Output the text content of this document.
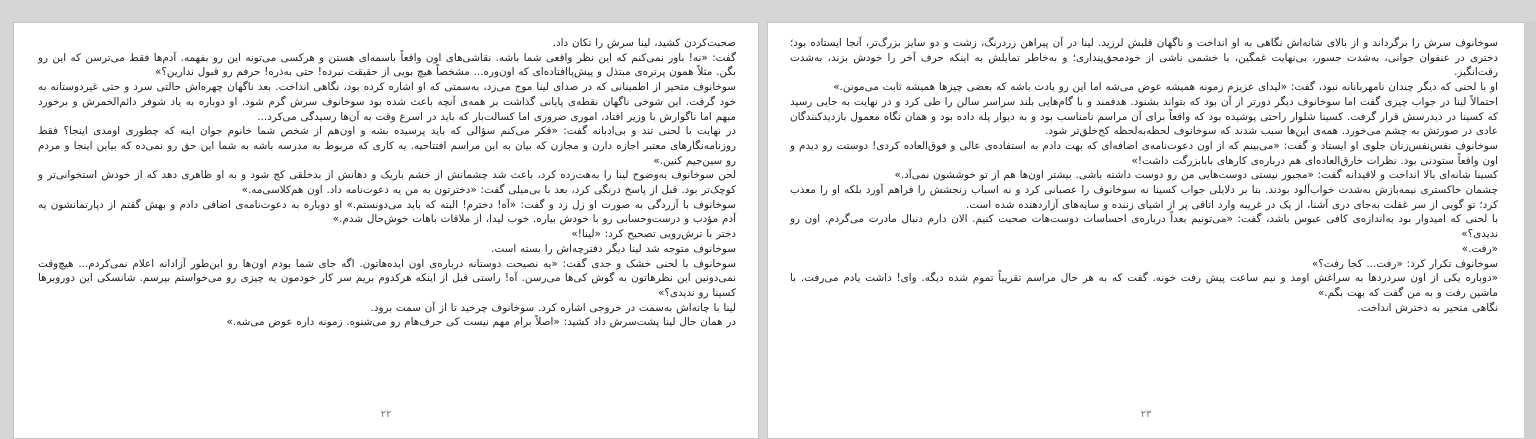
صحبت‌کردن کشید، لینا سرش را تکان داد.

گفت: «نه! باور نمی‌کنم که این نظر واقعی شما باشه. نقاشی‌های اون واقعاً باسمه‌ای هستن و هرکسی می‌تونه این رو بفهمه. آدم‌ها فقط می‌ترسن که این رو بگن. مثلاً همون پرتره‌ی مبتذل و پیش‌پاافتاده‌ای که اون‌وره... مشخصاً هیچ بویی از حقیقت نبرده! حتی به‌ذره! حرفم رو قبول ندارین؟»

سوخانوف متحیر از اطمینانی که در صدای لینا موج می‌زد، به‌سمتی که او اشاره کرده بود، نگاهی انداخت. بعد ناگهان چهره‌اش حالتی سرد و حتی غیردوستانه به خود گرفت. این شوخی ناگهان نقطه‌ی پایانی گذاشت بر همه‌ی آنچه باعث شده بود سوخانوف سرش گرم شود. او دوباره به یاد شوفر دائم‌الخمرش و برخورد مبهم اما ناگوارش با وزیر افتاد، اموری ضروری اما کسالت‌بار که باید در اسرع وقت به آن‌ها رسیدگی می‌کرد...

در نهایت با لحنی تند و بی‌ادبانه گفت: «فکر می‌کنم سؤالی که باید پرسیده بشه و اون‌هم از شخص شما خانوم جوان اینه که چطوری اومدی اینجا؟ فقط روزنامه‌نگارهای معتبر اجازه دارن و مجازن که بیان به این مراسم افتتاحیه. یه کاری که مربوط به مدرسه باشه به شما این حق رو نمی‌ده که بیاین اینجا و مردم رو سین‌جیم کنین.»

لحن سوخانوف به‌وضوح لینا را به‌هت‌زده کرد، باعث شد چشمانش از خشم باریک و دهانش از بدخلقی کج شود و به او ظاهری دهد که از خودش استخوانی‌تر و کوچک‌تر بود. قبل از پاسخ درنگی کرد، بعد با بی‌میلی گفت: «دخترتون به من یه دعوت‌نامه داد. اون هم‌کلاسی‌مه.»

سوخانوف با آزردگی به صورت او زل زد و گفت: «آه! دخترم! البته که باید می‌دونستم.» او دوباره به دعوت‌نامه‌ی اضافی دادم و بهش گفتم از دپارتمانشون یه آدم مؤدب و درست‌وحسابی رو با خودش بیاره. خوب لیدا، از ملاقات باهات خوش‌حال شدم.»

دختر با ترش‌رویی تصحیح کرد: «لینا!»

سوخانوف متوجه شد لینا دیگر دفترچه‌اش را بسته است.

سوخانوف با لحنی خشک و جدی گفت: «یه نصیحت دوستانه درباره‌ی اون ایده‌هاتون. اگه جای شما بودم اون‌ها رو این‌طور آزادانه اعلام نمی‌کردم... هیچ‌وقت نمی‌دونین این نظرهاتون به گوش کی‌ها می‌رسن. آه! راستی قبل از اینکه هرکدوم بریم سر کار خودمون یه چیزی رو می‌خواستم بپرسم. شانسکی این دوروبرها کسینا رو ندیدی؟»

لینا با چانه‌اش به‌سمت در خروجی اشاره کرد. سوخانوف چرخید تا از آن سمت برود.

در همان حال لینا پشت‌سرش داد کشید: «اصلاً برام مهم نیست کی حرف‌هام رو می‌شنوه. زمونه داره عوض می‌شه.»

۲۲

سوخانوف سرش را برگرداند و از بالای شانه‌اش نگاهی به او انداخت و ناگهان قلبش لرزید. لینا در آن پیراهن زردرنگ، زشت و دو سایز بزرگ‌تر، آنجا ایستاده بود؛ دختری در عنفوان جوانی، به‌شدت جسور، بی‌نهایت غمگین، با خشمی ناشی از خودمحق‌پنداری؛ و به‌خاطر تمایلش به اینکه حرف آخر را خودش بزند، به‌شدت رقت‌انگیز.

او با لحنی که دیگر چندان نامهربانانه نبود، گفت: «لیدای عزیزم زمونه همیشه عوض می‌شه اما این رو یادت باشه که بعضی چیزها همیشه ثابت می‌مونن.»

احتمالاً لینا در جواب چیزی گفت اما سوخانوف دیگر دورتر از آن بود که بتواند بشنود. هدفمند و با گام‌هایی بلند سراسر سالن را طی کرد و در نهایت به جایی رسید که کسینا در دیدرسش قرار گرفت. کسینا شلوار راحتی پوشیده بود که واقعاً برای آن مراسم نامناسب بود و به دیوار پله داده بود و همان نگاه معمول بازدیدکنندگان عادی در صورتش به چشم می‌خورد. همه‌ی این‌ها سبب شدند که سوخانوف لحظه‌به‌لحظه کج‌خلق‌تر شود.

سوخانوف نفس‌نفس‌زنان جلوی او ایستاد و گفت: «می‌بینم که از اون دعوت‌نامه‌ی اضافه‌ای که بهت دادم به استفاده‌ی عالی و فوق‌العاده کردی! دوستت رو دیدم و اون واقعاً ستودنی بود. نظرات خارق‌العاده‌ای هم درباره‌ی کارهای بابابزرگت داشت!»

کسینا شانه‌ای بالا انداخت و لاقیدانه گفت: «مجبور نیستی دوست‌هایی من رو دوست داشته باشی. بیشتر اون‌ها هم از تو خوششون نمی‌آد.»

چشمان خاکستری نیمه‌بازش به‌شدت خواب‌آلود بودند. بنا بر دلایلی جواب کسینا نه سوخانوف را عصبانی کرد و نه اسباب رنجشش را فراهم آورد بلکه او را معذب کرد؛ تو گویی از سر غفلت به‌جای دری آشنا، از یک در غریبه وارد اتاقی پر از اشیای زننده و سایه‌های آزاردهنده شده است.

با لحنی که امیدوار بود به‌اندازه‌ی کافی عبوس باشد، گفت: «می‌تونیم بعداً درباره‌ی احساسات دوست‌هات صحبت کنیم. الان دارم دنبال مادرت می‌گردم. اون رو ندیدی؟»

«رفت.»

سوخانوف تکرار کرد: «رفت... کجا رفت؟»

«دوباره یکی از اون سردردها به سراغش اومد و نیم ساعت پیش رفت خونه. گفت که به هر حال مراسم تقریباً تموم شده دیگه. وای! داشت یادم می‌رفت. با ماشین رفت و به من گفت که بهت بگم.»

نگاهی متحیر به دخترش انداخت.

۲۳
